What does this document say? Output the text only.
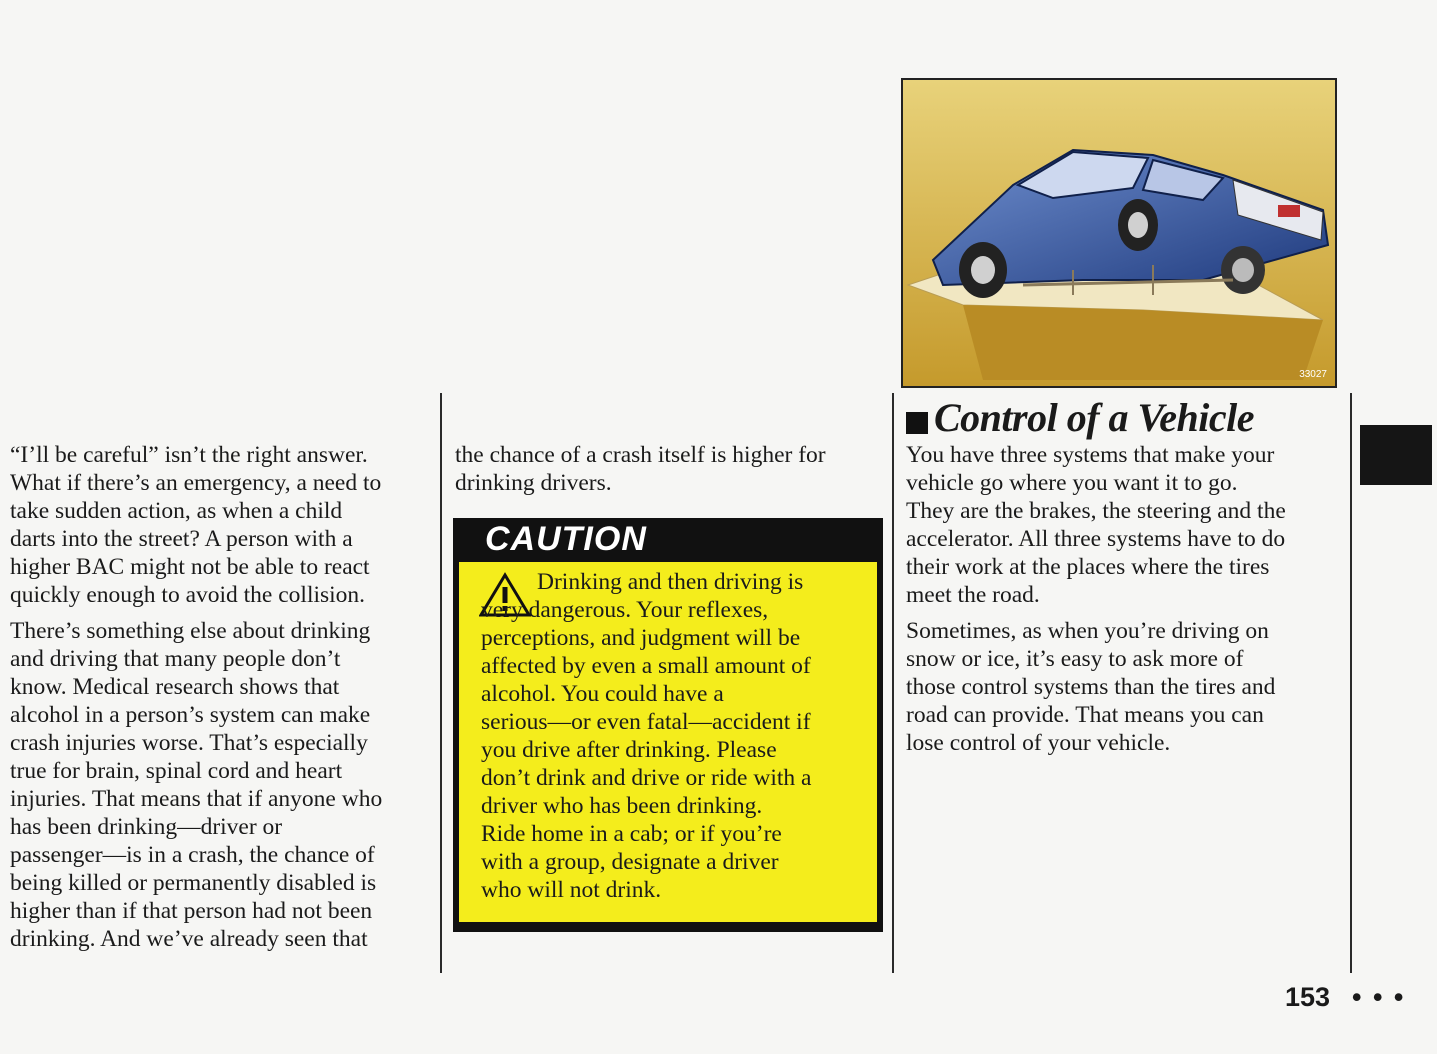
33027

“I’ll be careful” isn’t the right answer.
What if there’s an emergency, a need to
take sudden action, as when a child
darts into the street? A person with a
higher BAC might not be able to react
quickly enough to avoid the collision.

There’s something else about drinking
and driving that many people don’t
know. Medical research shows that
alcohol in a person’s system can make
crash injuries worse. That’s especially
true for brain, spinal cord and heart
injuries. That means that if anyone who
has been drinking—driver or
passenger—is in a crash, the chance of
being killed or permanently disabled is
higher than if that person had not been
drinking. And we’ve already seen that

the chance of a crash itself is higher for
drinking drivers.

CAUTION
Drinking and then driving is
very dangerous. Your reflexes,
perceptions, and judgment will be
affected by even a small amount of
alcohol. You could have a
serious—or even fatal—accident if
you drive after drinking. Please
don’t drink and drive or ride with a
driver who has been drinking.
Ride home in a cab; or if you’re
with a group, designate a driver
who will not drink.
Control of a Vehicle

You have three systems that make your
vehicle go where you want it to go.
They are the brakes, the steering and the
accelerator. All three systems have to do
their work at the places where the tires
meet the road.

Sometimes, as when you’re driving on
snow or ice, it’s easy to ask more of
those control systems than the tires and
road can provide. That means you can
lose control of your vehicle.

153 • • •
